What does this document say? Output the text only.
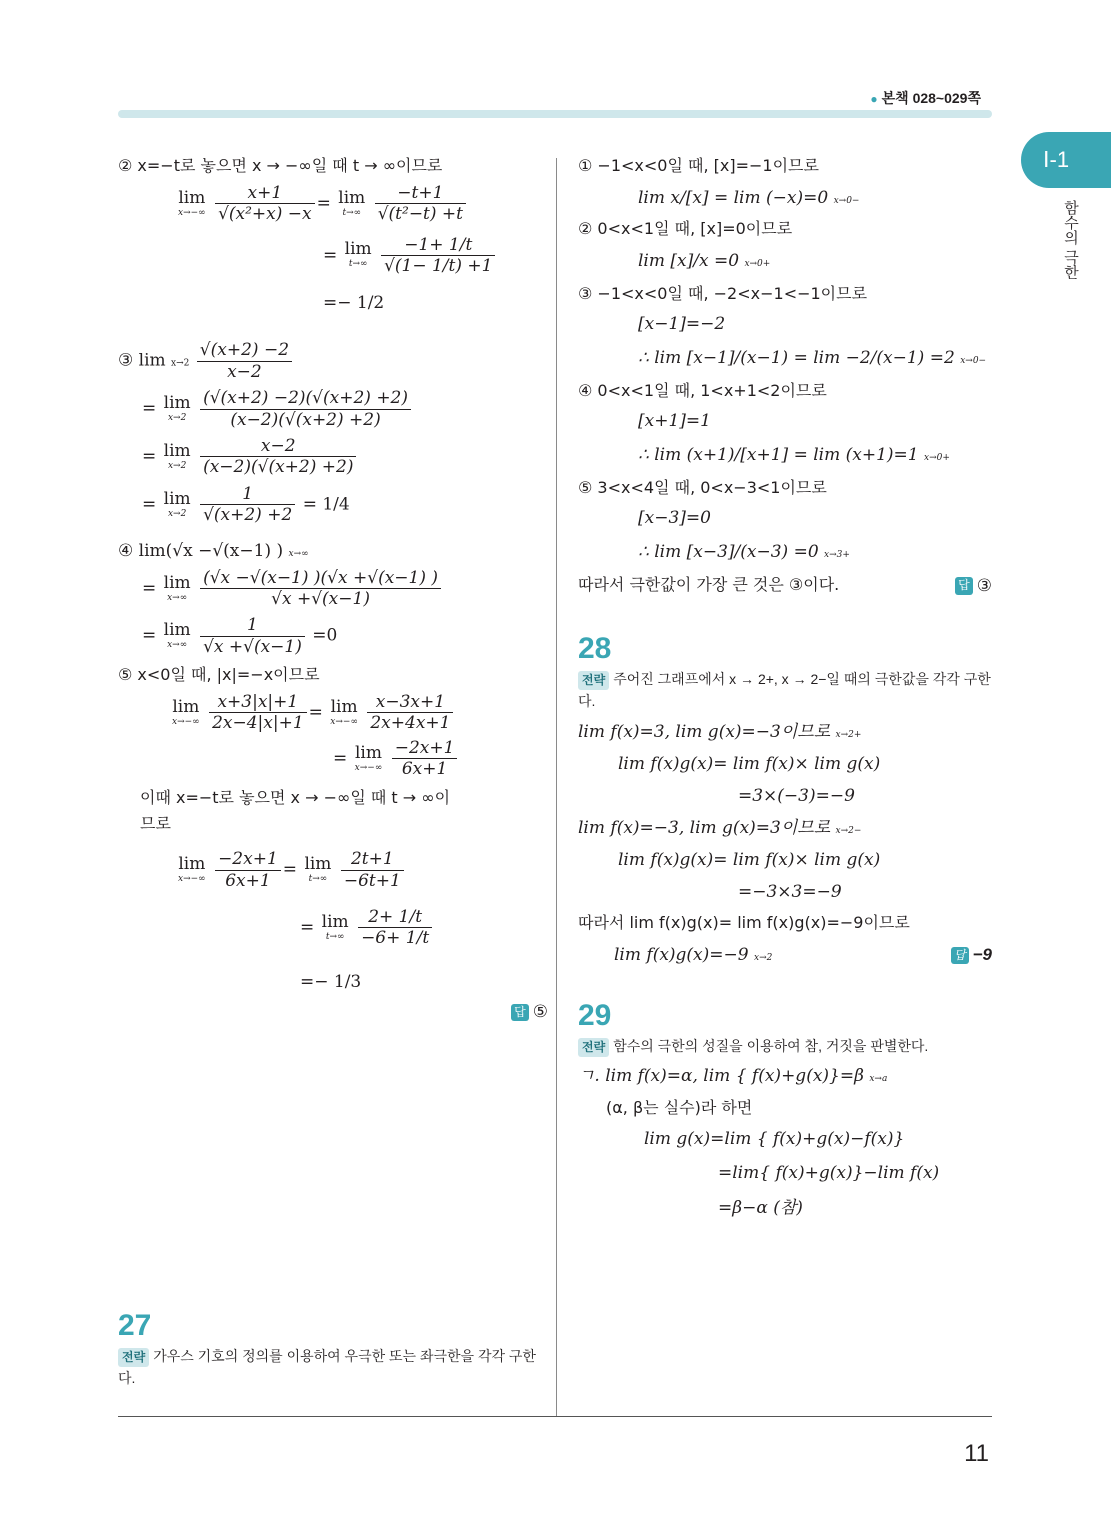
● 본책 028~029쪽
Ⅰ-1
함수의 극한
11

② x=−t로 놓으면 x → −∞일 때 t → ∞이므로

lim
x→−∞
$\frac{x+1}{\text{√(x²+x) −x}} = \lim$
t→∞
$\frac{-t+1}{\text{√(t²−t) +t}}$
= lim
t→∞
$\frac{-1+ 1/t}{√(1- 1/t) +1}$
=− 1/2
③ $\lim x\to 2 \frac{√(x+2) -2}{x-2}$
= lim
x→2
$\frac{(√(x+2) -2)(√(x+2) +2)}{(x-2)(√(x+2) +2)}$
= lim
x→2
$\frac{x-2}{(x-2)(√(x+2) +2)}$
= lim
x→2
$\frac{1}{√(x+2) +2} = 1/4$
④ lim(√x −√(x−1) ) x→∞
= lim
x→∞
$\frac{(√x -√(x-1) )(√x +√(x-1) )}{√x +√(x-1)}$
= lim
x→∞
$\frac{1}{√x +√(x-1)} =0$

⑤ x<0일 때, |x|=−x이므로

lim
x→−∞
$\frac{x+3|x|+1}{2x-4|x|+1} = \lim$
x→−∞
$\frac{x-3x+1}{2x+4x+1}$
= lim
x→−∞
$\frac{-2x+1}{6x+1}$

이때 x=−t로 놓으면 x → −∞일 때 t → ∞이

므로

lim
x→−∞
$\frac{-2x+1}{6x+1} = \lim$
t→∞
$\frac{2t+1}{-6t+1}$
= lim
t→∞
$\frac{2+ 1/t}{-6+ 1/t}$
=− 1/3
답 ⑤
27
전략 가우스 기호의 정의를 이용하여 우극한 또는 좌극한을 각각 구한다.

① −1<x<0일 때, [x]=−1이므로

lim x/[x] = lim (−x)=0 x→0−

② 0<x<1일 때, [x]=0이므로

lim [x]/x =0 x→0+

③ −1<x<0일 때, −2<x−1<−1이므로

[x−1]=−2
∴ lim [x−1]/(x−1) = lim −2/(x−1) =2 x→0−

④ 0<x<1일 때, 1<x+1<2이므로

[x+1]=1
∴ lim (x+1)/[x+1] = lim (x+1)=1 x→0+

⑤ 3<x<4일 때, 0<x−3<1이므로

[x−3]=0
∴ lim [x−3]/(x−3) =0 x→3+
따라서 극한값이 가장 큰 것은 ③이다.	답 ③
28
전략 주어진 그래프에서 x → 2+, x → 2−일 때의 극한값을 각각 구한다.
lim f(x)=3, lim g(x)=−3이므로 x→2+
lim f(x)g(x)= lim f(x)× lim g(x)
=3×(−3)=−9
lim f(x)=−3, lim g(x)=3이므로 x→2−
lim f(x)g(x)= lim f(x)× lim g(x)
=−3×3=−9
따라서 lim f(x)g(x)= lim f(x)g(x)=−9이므로
lim f(x)g(x)=−9 x→2	답 −9
29
전략 함수의 극한의 성질을 이용하여 참, 거짓을 판별한다.
ㄱ. lim f(x)=α, lim { f(x)+g(x)}=β x→a
(α, β는 실수)라 하면
lim g(x)=lim { f(x)+g(x)−f(x)}
=lim{ f(x)+g(x)}−lim f(x)
=β−α (참)
